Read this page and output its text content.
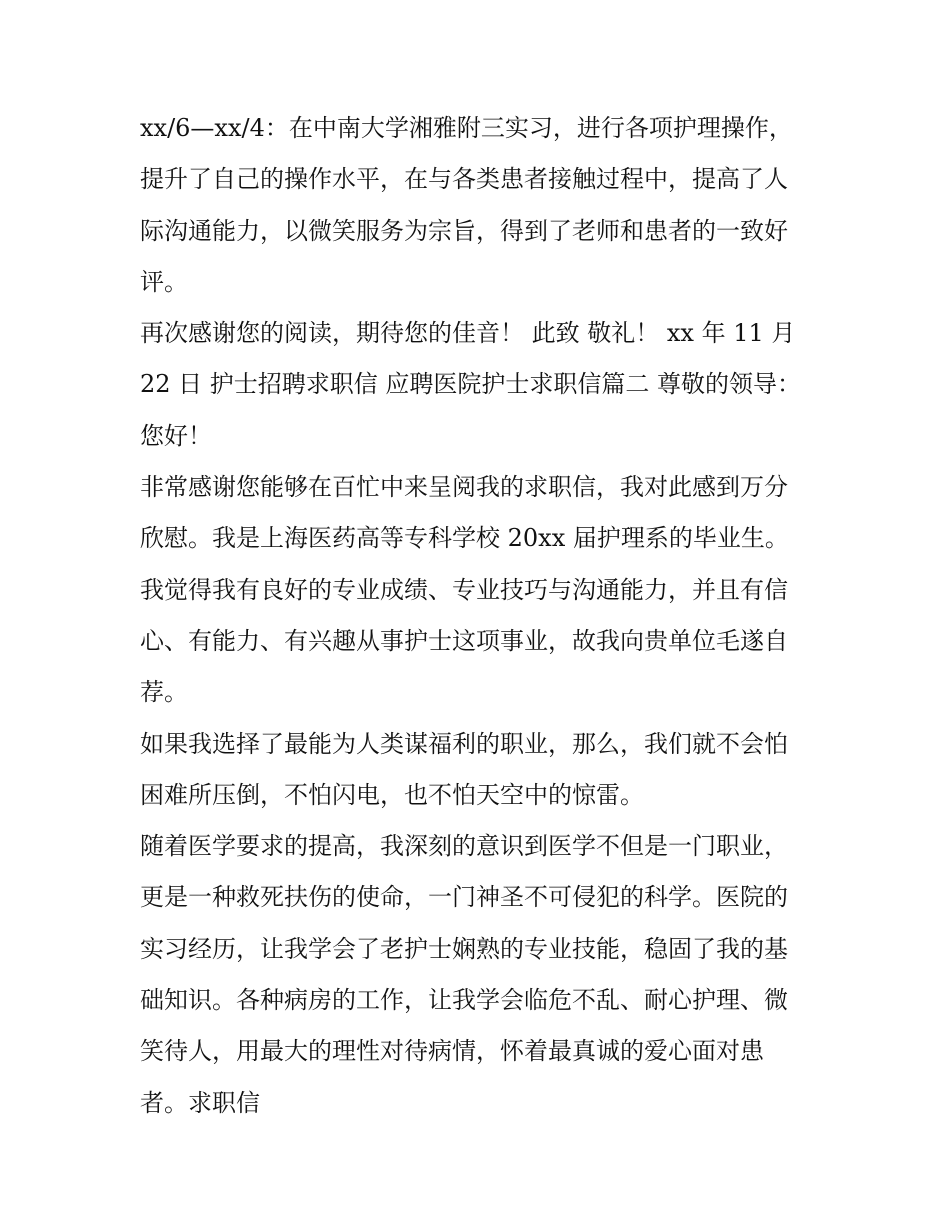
xx/6—xx/4：在中南大学湘雅附三实习，进行各项护理操作，
提升了自己的操作水平，在与各类患者接触过程中，提高了人
际沟通能力，以微笑服务为宗旨，得到了老师和患者的一致好
评。
再次感谢您的阅读，期待您的佳音！ 此致 敬礼！ xx 年 11 月
22 日 护士招聘求职信 应聘医院护士求职信篇二 尊敬的领导：
您好！
非常感谢您能够在百忙中来呈阅我的求职信，我对此感到万分
欣慰。我是上海医药高等专科学校 20xx 届护理系的毕业生。
我觉得我有良好的专业成绩、专业技巧与沟通能力，并且有信
心、有能力、有兴趣从事护士这项事业，故我向贵单位毛遂自
荐。
如果我选择了最能为人类谋福利的职业，那么，我们就不会怕
困难所压倒，不怕闪电，也不怕天空中的惊雷。
随着医学要求的提高，我深刻的意识到医学不但是一门职业，
更是一种救死扶伤的使命，一门神圣不可侵犯的科学。医院的
实习经历，让我学会了老护士娴熟的专业技能，稳固了我的基
础知识。各种病房的工作，让我学会临危不乱、耐心护理、微
笑待人，用最大的理性对待病情，怀着最真诚的爱心面对患
者。求职信
